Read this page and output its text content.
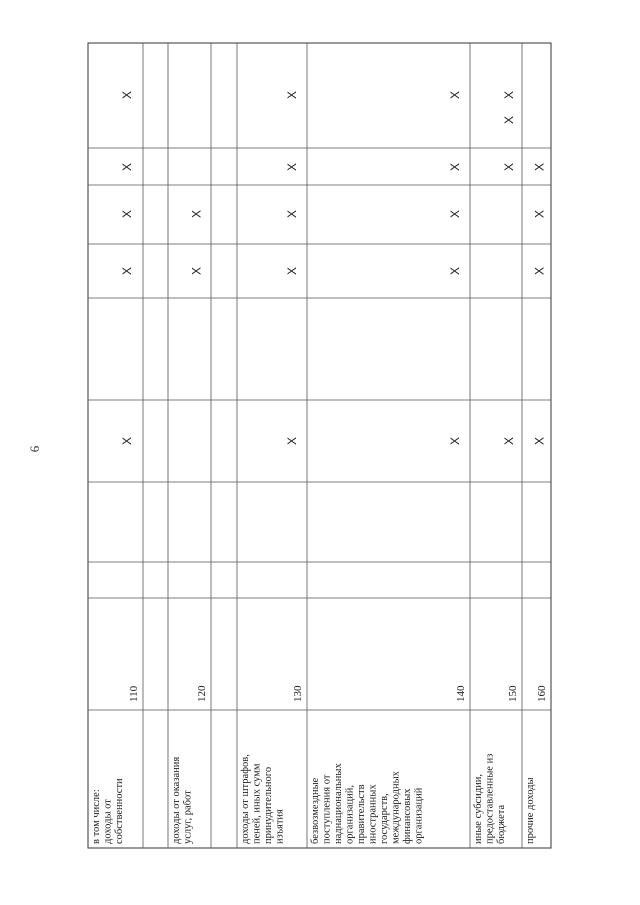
6
в том числе: доходы от собственности
110
X
X
X
X
X
доходы от оказания услуг, работ
120
X
X
доходы от штрафов, пеней, иных сумм принудительного изъятия
130
X
X
X
X
X
безвозмездные поступления от наднациональных организаций, правительств иностранных государств, международных финансовых организаций
140
X
X
X
X
X
иные субсидии, предоставленные из бюджета
150
X
X
X
X
прочие доходы
160
X
X
X
X
